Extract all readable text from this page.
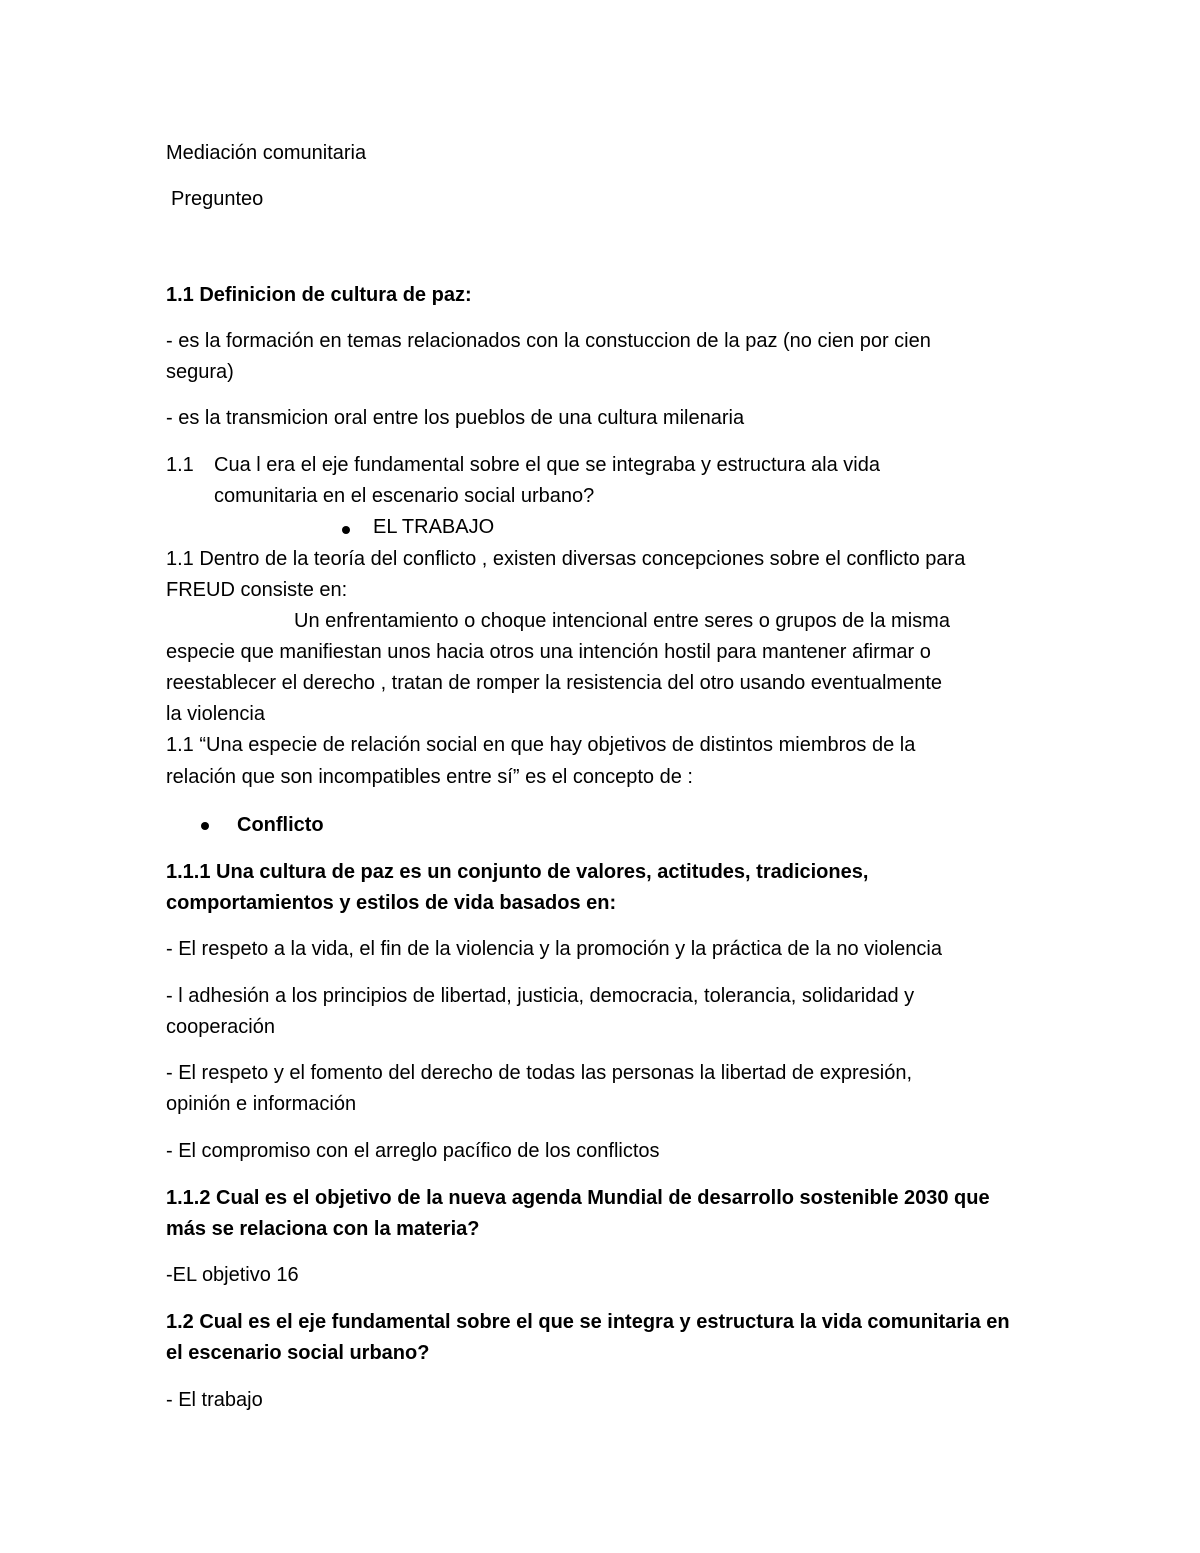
Mediación comunitaria

Pregunteo

1.1 Definicion de cultura de paz:

- es la formación en temas relacionados con la constuccion de la paz (no cien por cien

segura)

- es la transmicion oral entre los pueblos de una cultura milenaria

1.1 Cua l era el eje fundamental sobre el que se integraba y estructura ala vida

comunitaria en el escenario social urbano?

EL TRABAJO

1.1 Dentro de la teoría del conflicto , existen diversas concepciones sobre el conflicto para

FREUD consiste en:

Un enfrentamiento o choque intencional entre seres o grupos de la misma

especie que manifiestan unos hacia otros una intención hostil para mantener afirmar o

reestablecer el derecho , tratan de romper la resistencia del otro usando eventualmente

la violencia

1.1 “Una especie de relación social en que hay objetivos de distintos miembros de la

relación que son incompatibles entre sí” es el concepto de :

Conflicto

1.1.1 Una cultura de paz es un conjunto de valores, actitudes, tradiciones,

comportamientos y estilos de vida basados en:

- El respeto a la vida, el fin de la violencia y la promoción y la práctica de la no violencia

- l adhesión a los principios de libertad, justicia, democracia, tolerancia, solidaridad y

cooperación

- El respeto y el fomento del derecho de todas las personas la libertad de expresión,

opinión e información

- El compromiso con el arreglo pacífico de los conflictos

1.1.2 Cual es el objetivo de la nueva agenda Mundial de desarrollo sostenible 2030 que

más se relaciona con la materia?

-EL objetivo 16

1.2 Cual es el eje fundamental sobre el que se integra y estructura la vida comunitaria en

el escenario social urbano?

- El trabajo
